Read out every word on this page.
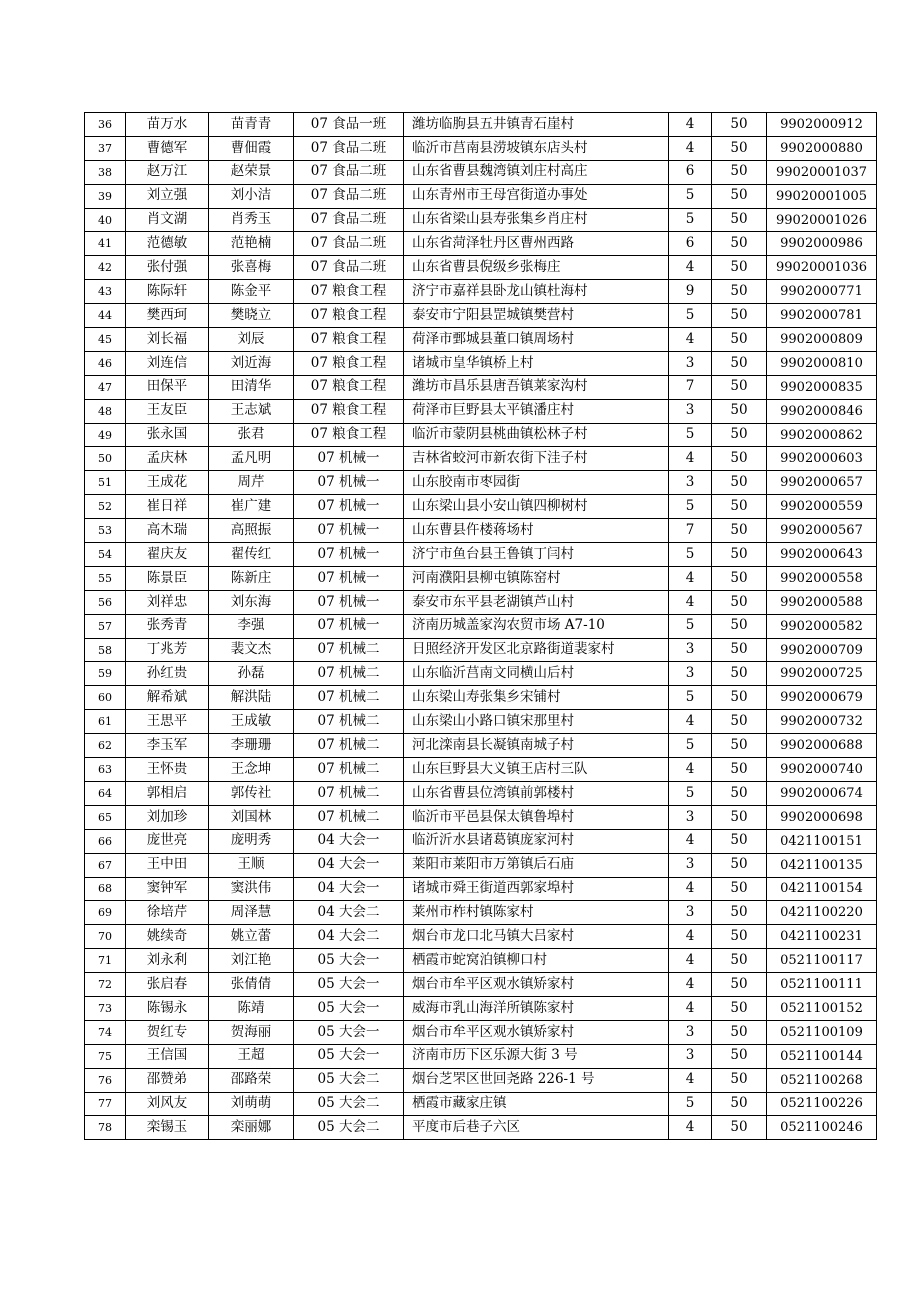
36	苗万水	苗青青	07 食品一班	潍坊临朐县五井镇青石崖村	4	50	9902000912
37	曹德军	曹佃霞	07 食品二班	临沂市莒南县涝坡镇东店头村	4	50	9902000880
38	赵万江	赵荣景	07 食品二班	山东省曹县魏湾镇刘庄村高庄	6	50	99020001037
39	刘立强	刘小洁	07 食品二班	山东青州市王母宫街道办事处	5	50	99020001005
40	肖文湖	肖秀玉	07 食品二班	山东省梁山县寿张集乡肖庄村	5	50	99020001026
41	范德敏	范艳楠	07 食品二班	山东省菏泽牡丹区曹州西路	6	50	9902000986
42	张付强	张喜梅	07 食品二班	山东省曹县倪级乡张梅庄	4	50	99020001036
43	陈际轩	陈金平	07 粮食工程	济宁市嘉祥县卧龙山镇杜海村	9	50	9902000771
44	樊西珂	樊晓立	07 粮食工程	泰安市宁阳县罡城镇樊营村	5	50	9902000781
45	刘长福	刘辰	07 粮食工程	荷泽市鄄城县董口镇周场村	4	50	9902000809
46	刘连信	刘近海	07 粮食工程	诸城市皇华镇桥上村	3	50	9902000810
47	田保平	田清华	07 粮食工程	潍坊市昌乐县唐吾镇莱家沟村	7	50	9902000835
48	王友臣	王志斌	07 粮食工程	荷泽市巨野县太平镇潘庄村	3	50	9902000846
49	张永国	张君	07 粮食工程	临沂市蒙阴县桃曲镇松林子村	5	50	9902000862
50	孟庆林	孟凡明	07 机械一	吉林省蛟河市新农街下洼子村	4	50	9902000603
51	王成花	周芹	07 机械一	山东胶南市枣园街	3	50	9902000657
52	崔日祥	崔广建	07 机械一	山东梁山县小安山镇四柳树村	5	50	9902000559
53	高木瑞	高照振	07 机械一	山东曹县仵楼蒋场村	7	50	9902000567
54	翟庆友	翟传红	07 机械一	济宁市鱼台县王鲁镇丁闫村	5	50	9902000643
55	陈景臣	陈新庄	07 机械一	河南濮阳县柳屯镇陈窑村	4	50	9902000558
56	刘祥忠	刘东海	07 机械一	泰安市东平县老湖镇芦山村	4	50	9902000588
57	张秀青	李强	07 机械一	济南历城盖家沟农贸市场 A7-10	5	50	9902000582
58	丁兆芳	裴文杰	07 机械二	日照经济开发区北京路街道裴家村	3	50	9902000709
59	孙红贵	孙磊	07 机械二	山东临沂莒南文同横山后村	3	50	9902000725
60	解希斌	解洪陆	07 机械二	山东梁山寿张集乡宋铺村	5	50	9902000679
61	王思平	王成敏	07 机械二	山东梁山小路口镇宋那里村	4	50	9902000732
62	李玉军	李珊珊	07 机械二	河北滦南县长凝镇南城子村	5	50	9902000688
63	王怀贵	王念坤	07 机械二	山东巨野县大义镇王店村三队	4	50	9902000740
64	郭相启	郭传社	07 机械二	山东省曹县位湾镇前郭楼村	5	50	9902000674
65	刘加珍	刘国林	07 机械二	临沂市平邑县保太镇鲁埠村	3	50	9902000698
66	庞世亮	庞明秀	04 大会一	临沂沂水县诸葛镇庞家河村	4	50	0421100151
67	王中田	王顺	04 大会一	莱阳市莱阳市万第镇后石庙	3	50	0421100135
68	窦钟军	窦洪伟	04 大会一	诸城市舜王街道西郭家埠村	4	50	0421100154
69	徐培芹	周泽慧	04 大会二	莱州市柞村镇陈家村	3	50	0421100220
70	姚续奇	姚立蕾	04 大会二	烟台市龙口北马镇大吕家村	4	50	0421100231
71	刘永利	刘江艳	05 大会一	栖霞市蛇窝泊镇柳口村	4	50	0521100117
72	张启春	张倩倩	05 大会一	烟台市牟平区观水镇矫家村	4	50	0521100111
73	陈锡永	陈靖	05 大会一	威海市乳山海洋所镇陈家村	4	50	0521100152
74	贺红专	贺海丽	05 大会一	烟台市牟平区观水镇矫家村	3	50	0521100109
75	王信国	王超	05 大会一	济南市历下区乐源大街 3 号	3	50	0521100144
76	邵赞弟	邵路荣	05 大会二	烟台芝罘区世回尧路 226-1 号	4	50	0521100268
77	刘风友	刘萌萌	05 大会二	栖霞市藏家庄镇	5	50	0521100226
78	栾锡玉	栾丽娜	05 大会二	平度市后巷子六区	4	50	0521100246
